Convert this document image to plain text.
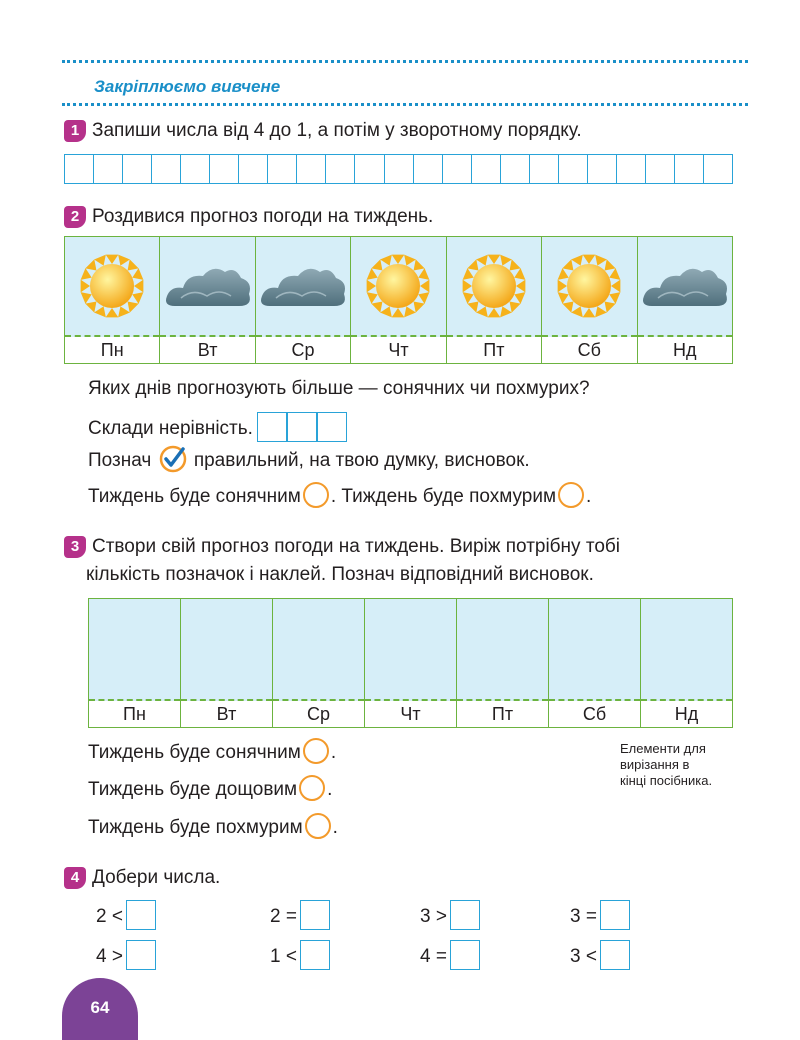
Закріплюємо вивчене
1 Запиши числа від 4 до 1, а потім у зворотному порядку.
2 Роздивися прогноз погоди на тиждень.
Пн	Вт	Ср	Чт	Пт	Сб	Нд
Яких днів прогнозують більше — сонячних чи похмурих?
Склади нерівність.
Познач правильний, на твою думку, висновок.
Тиждень буде сонячним . Тиждень буде похмурим .
3 Створи свій прогноз погоди на тиждень. Виріж потрібну тобі
кількість позначок і наклей. Познач відповідний висновок.
Пн	Вт	Ср	Чт	Пт	Сб	Нд
Тиждень буде сонячним .
Тиждень буде дощовим .
Тиждень буде похмурим .
Елементи для
вирізання в
кінці посібника.
4 Добери числа.
2 <	2 =	3 >	3 =
4 >	1 <	4 =	3 <
64
